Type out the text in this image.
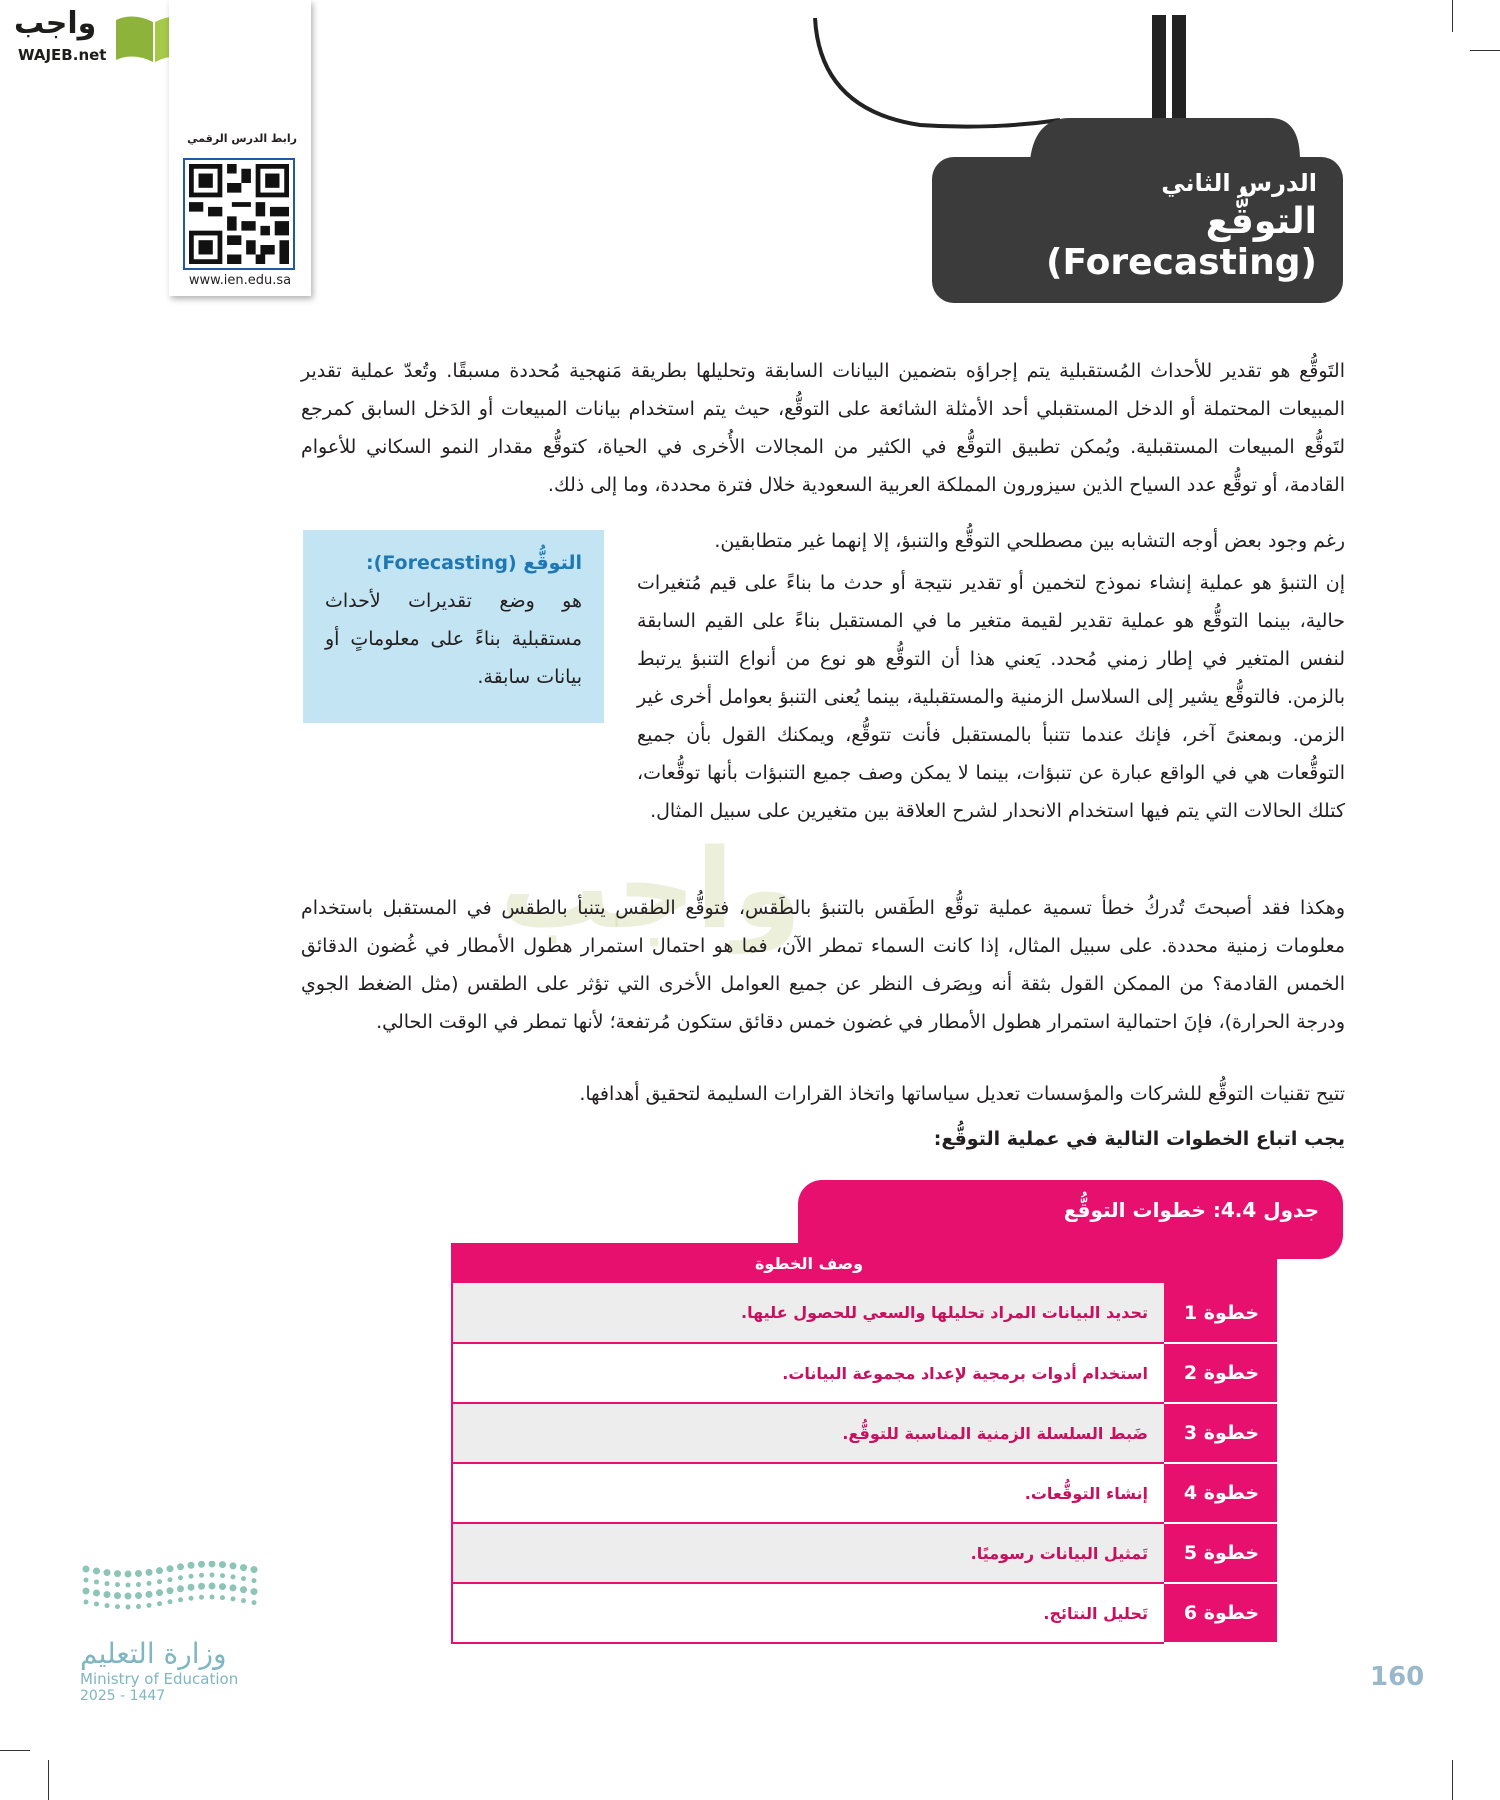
واجب
WAJEB.net
رابط الدرس الرقمي
www.ien.edu.sa
الدرس الثاني
التوقُّع (Forecasting)

التَوقُّع هو تقدير للأحداث المُستقبلية يتم إجراؤه بتضمين البيانات السابقة وتحليلها بطريقة مَنهجية مُحددة مسبقًا. وتُعدّ عملية تقدير المبيعات المحتملة أو الدخل المستقبلي أحد الأمثلة الشائعة على التوقُّع، حيث يتم استخدام بيانات المبيعات أو الدَخل السابق كمرجع لتَوقُّع المبيعات المستقبلية. ويُمكن تطبيق التوقُّع في الكثير من المجالات الأُخرى في الحياة، كتوقُّع مقدار النمو السكاني للأعوام القادمة، أو توقُّع عدد السياح الذين سيزورون المملكة العربية السعودية خلال فترة محددة، وما إلى ذلك.

رغم وجود بعض أوجه التشابه بين مصطلحي التوقُّع والتنبؤ، إلا إنهما غير متطابقين.

إن التنبؤ هو عملية إنشاء نموذج لتخمين أو تقدير نتيجة أو حدث ما بناءً على قيم مُتغيرات حالية، بينما التوقُّع هو عملية تقدير لقيمة متغير ما في المستقبل بناءً على القيم السابقة لنفس المتغير في إطار زمني مُحدد. يَعني هذا أن التوقُّع هو نوع من أنواع التنبؤ يرتبط بالزمن. فالتوقُّع يشير إلى السلاسل الزمنية والمستقبلية، بينما يُعنى التنبؤ بعوامل أخرى غير الزمن. وبمعنىً آخر، فإنك عندما تتنبأ بالمستقبل فأنت تتوقُّع، ويمكنك القول بأن جميع التوقُّعات هي في الواقع عبارة عن تنبؤات، بينما لا يمكن وصف جميع التنبؤات بأنها توقُّعات، كتلك الحالات التي يتم فيها استخدام الانحدار لشرح العلاقة بين متغيرين على سبيل المثال.

التوقُّع (Forecasting):
هو وضع تقديرات لأحداث مستقبلية بناءً على معلوماتٍ أو بيانات سابقة.
واجب

وهكذا فقد أصبحتَ تُدركُ خطأ تسمية عملية توقُّع الطَقس بالتنبؤ بالطَقس، فتوقُّع الطقس يتنبأ بالطقس في المستقبل باستخدام معلومات زمنية محددة. على سبيل المثال، إذا كانت السماء تمطر الآن، فما هو احتمال استمرار هطول الأمطار في غُضون الدقائق الخمس القادمة؟ من الممكن القول بثقة أنه وبِصَرف النظر عن جميع العوامل الأخرى التي تؤثر على الطقس (مثل الضغط الجوي ودرجة الحرارة)، فإنَ احتمالية استمرار هطول الأمطار في غضون خمس دقائق ستكون مُرتفعة؛ لأنها تمطر في الوقت الحالي.

تتيح تقنيات التوقُّع للشركات والمؤسسات تعديل سياساتها واتخاذ القرارات السليمة لتحقيق أهدافها.

يجب اتباع الخطوات التالية في عملية التوقُّع:

جدول 4.4: خطوات التوقُّع
	وصف الخطوة
خطوة 1	تحديد البيانات المراد تحليلها والسعي للحصول عليها.
خطوة 2	استخدام أدوات برمجية لإعداد مجموعة البيانات.
خطوة 3	ضَبط السلسلة الزمنية المناسبة للتوقُّع.
خطوة 4	إنشاء التوقُّعات.
خطوة 5	تَمثيل البيانات رسوميًا.
خطوة 6	تَحليل النتائج.
160
وزارة التعليم
Ministry of Education
2025 - 1447
